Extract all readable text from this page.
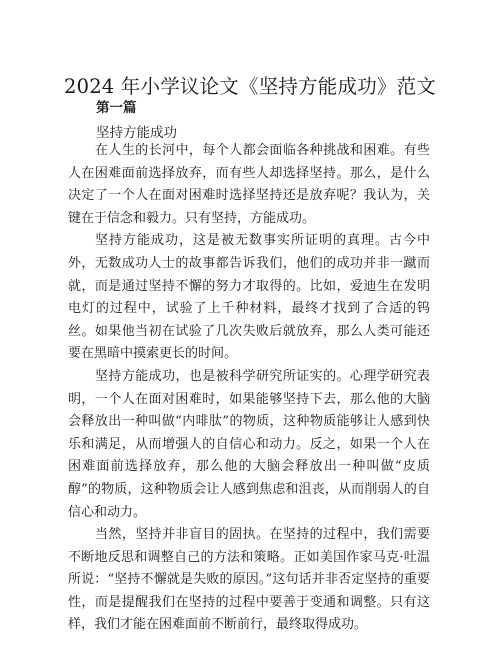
2024 年小学议论文《坚持方能成功》范文
第一篇
坚持方能成功

在人生的长河中，每个人都会面临各种挑战和困难。有些人在困难面前选择放弃，而有些人却选择坚持。那么，是什么决定了一个人在面对困难时选择坚持还是放弃呢？我认为，关键在于信念和毅力。只有坚持，方能成功。

坚持方能成功，这是被无数事实所证明的真理。古今中外，无数成功人士的故事都告诉我们，他们的成功并非一蹴而就，而是通过坚持不懈的努力才取得的。比如，爱迪生在发明电灯的过程中，试验了上千种材料，最终才找到了合适的钨丝。如果他当初在试验了几次失败后就放弃，那么人类可能还要在黑暗中摸索更长的时间。

坚持方能成功，也是被科学研究所证实的。心理学研究表明，一个人在面对困难时，如果能够坚持下去，那么他的大脑会释放出一种叫做“内啡肽”的物质，这种物质能够让人感到快乐和满足，从而增强人的自信心和动力。反之，如果一个人在困难面前选择放弃，那么他的大脑会释放出一种叫做“皮质醇”的物质，这种物质会让人感到焦虑和沮丧，从而削弱人的自信心和动力。

当然，坚持并非盲目的固执。在坚持的过程中，我们需要不断地反思和调整自己的方法和策略。正如美国作家马克·吐温所说：“坚持不懈就是失败的原因。”这句话并非否定坚持的重要性，而是提醒我们在坚持的过程中要善于变通和调整。只有这样，我们才能在困难面前不断前行，最终取得成功。
